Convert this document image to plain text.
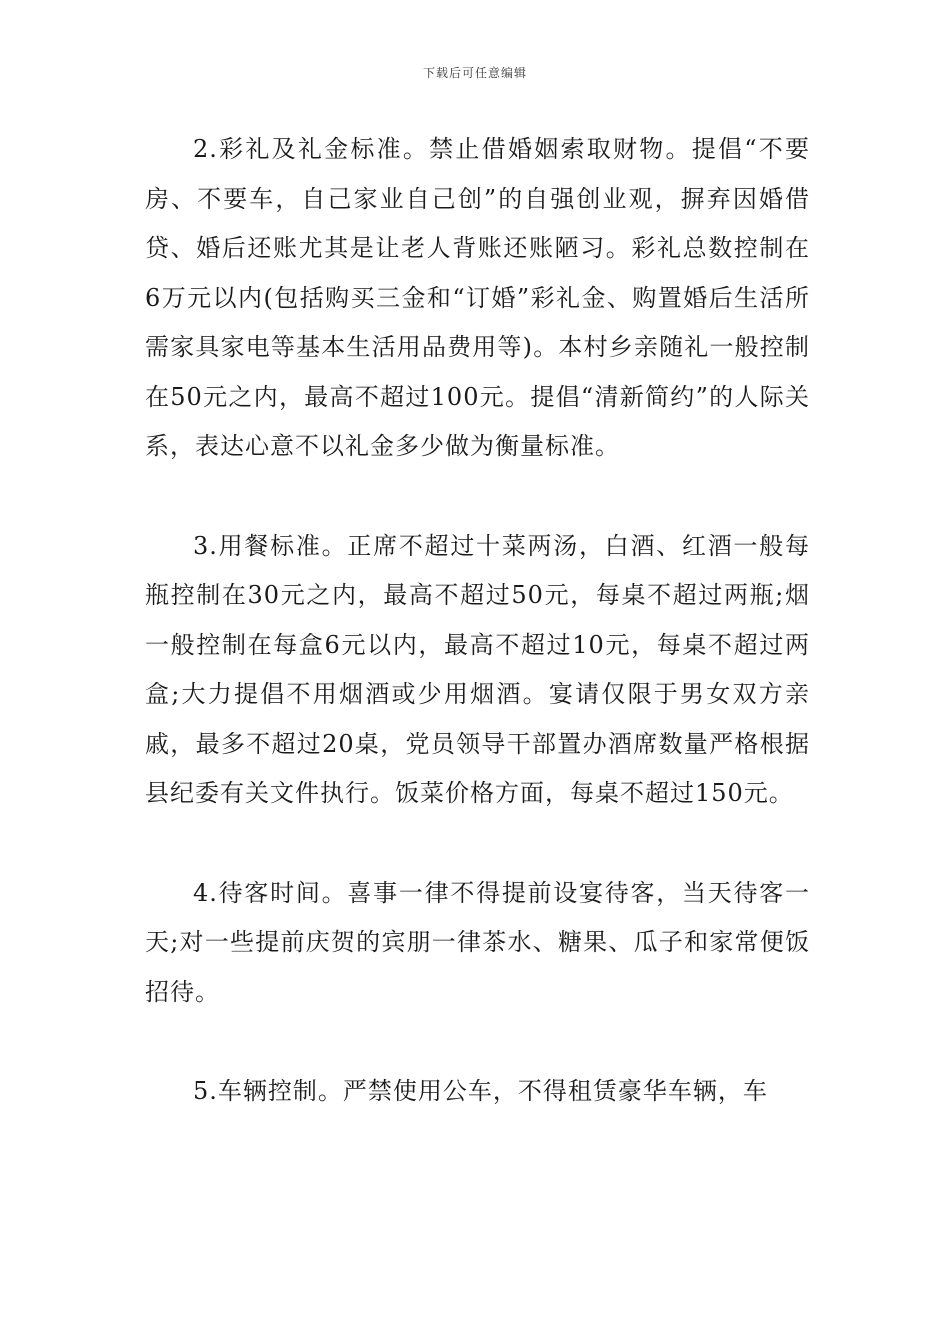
下载后可任意编辑

2.彩礼及礼金标准。禁止借婚姻索取财物。提倡“不要房、不要车，自己家业自己创”的自强创业观，摒弃因婚借贷、婚后还账尤其是让老人背账还账陋习。彩礼总数控制在6万元以内(包括购买三金和“订婚”彩礼金、购置婚后生活所需家具家电等基本生活用品费用等)。本村乡亲随礼一般控制在50元之内，最高不超过100元。提倡“清新简约”的人际关系，表达心意不以礼金多少做为衡量标准。

3.用餐标准。正席不超过十菜两汤，白酒、红酒一般每瓶控制在30元之内，最高不超过50元，每桌不超过两瓶;烟一般控制在每盒6元以内，最高不超过10元，每桌不超过两盒;大力提倡不用烟酒或少用烟酒。宴请仅限于男女双方亲戚，最多不超过20桌，党员领导干部置办酒席数量严格根据县纪委有关文件执行。饭菜价格方面，每桌不超过150元。

4.待客时间。喜事一律不得提前设宴待客，当天待客一天;对一些提前庆贺的宾朋一律茶水、糖果、瓜子和家常便饭招待。

5.车辆控制。严禁使用公车，不得租赁豪华车辆，车
